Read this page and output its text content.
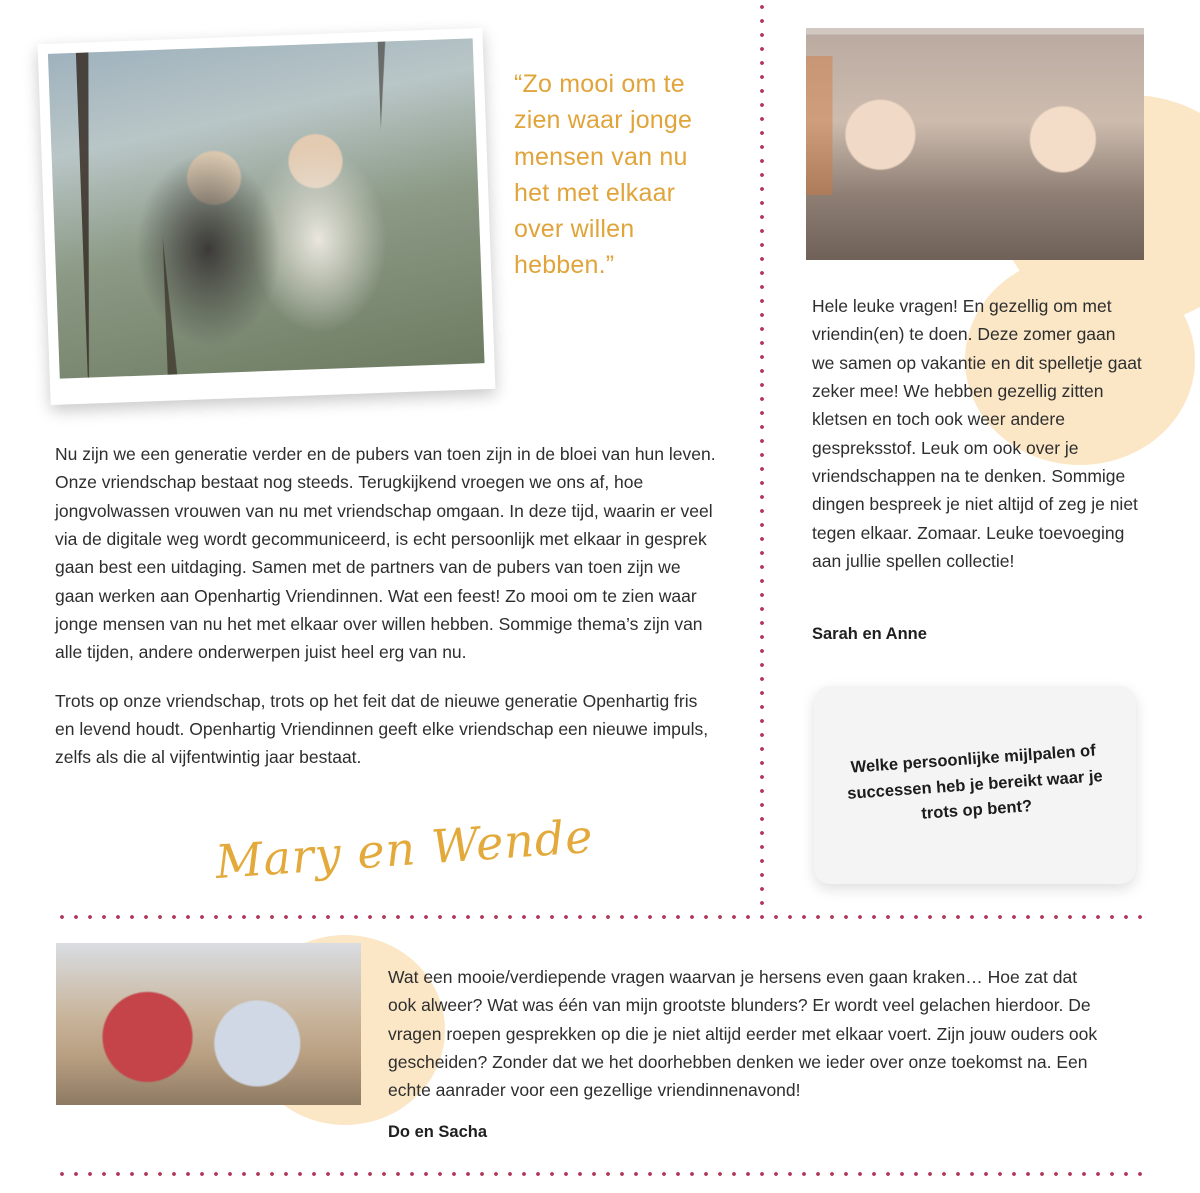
“Zo mooi om te zien waar jonge mensen van nu het met elkaar over willen hebben.”

Nu zijn we een generatie verder en de pubers van toen zijn in de bloei van hun leven. Onze vriendschap bestaat nog steeds. Terugkijkend vroegen we ons af, hoe jongvolwassen vrouwen van nu met vriendschap omgaan. In deze tijd, waarin er veel via de digitale weg wordt gecommuniceerd, is echt persoonlijk met elkaar in gesprek gaan best een uitdaging. Samen met de partners van de pubers van toen zijn we gaan werken aan Openhartig Vriendinnen. Wat een feest! Zo mooi om te zien waar jonge mensen van nu het met elkaar over willen hebben. Sommige thema’s zijn van alle tijden, andere onderwerpen juist heel erg van nu.

Trots op onze vriendschap, trots op het feit dat de nieuwe generatie Openhartig fris en levend houdt. Openhartig Vriendinnen geeft elke vriendschap een nieuwe impuls, zelfs als die al vijfentwintig jaar bestaat.

Mary en Wende

Hele leuke vragen! En gezellig om met vriendin(en) te doen. Deze zomer gaan we samen op vakantie en dit spelletje gaat zeker mee! We hebben gezellig zitten kletsen en toch ook weer andere gespreksstof. Leuk om ook over je vriendschappen na te denken. Sommige dingen bespreek je niet altijd of zeg je niet tegen elkaar. Zomaar. Leuke toevoeging aan jullie spellen collectie!

Sarah en Anne
Welke persoonlijke mijlpalen of successen heb je bereikt waar je trots op bent?

Wat een mooie/verdiepende vragen waarvan je hersens even gaan kraken… Hoe zat dat ook alweer? Wat was één van mijn grootste blunders? Er wordt veel gelachen hierdoor. De vragen roepen gesprekken op die je niet altijd eerder met elkaar voert. Zijn jouw ouders ook gescheiden? Zonder dat we het doorhebben denken we ieder over onze toekomst na. Een echte aanrader voor een gezellige vriendinnenavond!

Do en Sacha
